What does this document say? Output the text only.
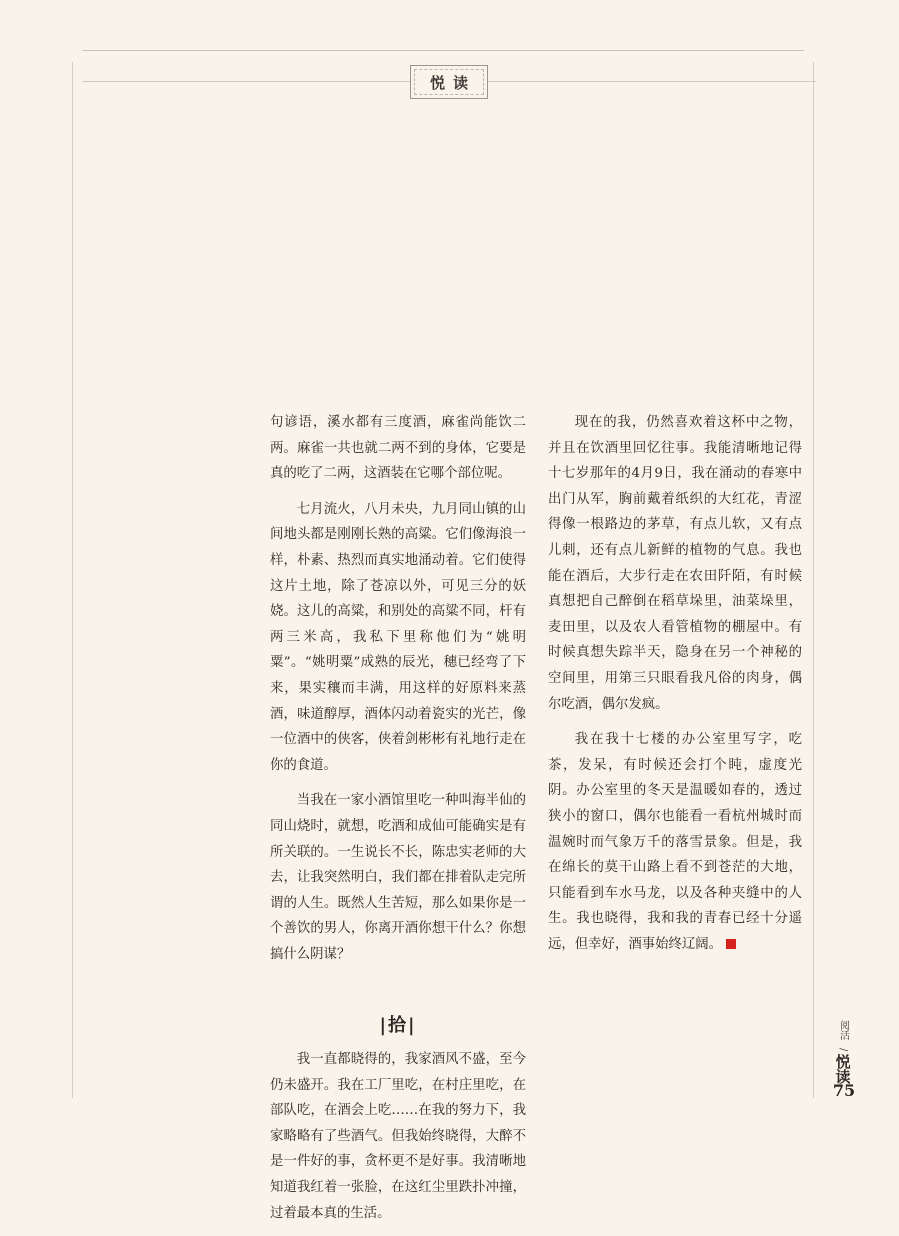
悦读

句谚语，溪水都有三度酒，麻雀尚能饮二两。麻雀一共也就二两不到的身体，它要是真的吃了二两，这酒装在它哪个部位呢。

七月流火，八月未央，九月同山镇的山间地头都是刚刚长熟的高粱。它们像海浪一样，朴素、热烈而真实地涌动着。它们使得这片土地，除了苍凉以外，可见三分的妖娆。这儿的高粱，和别处的高粱不同，杆有两三米高，我私下里称他们为“姚明粟”。“姚明粟”成熟的辰光，穗已经弯了下来，果实穰而丰满，用这样的好原料来蒸酒，味道醇厚，酒体闪动着瓷实的光芒，像一位酒中的侠客，侠着剑彬彬有礼地行走在你的食道。

当我在一家小酒馆里吃一种叫海半仙的同山烧时，就想，吃酒和成仙可能确实是有所关联的。一生说长不长，陈忠实老师的大去，让我突然明白，我们都在排着队走完所谓的人生。既然人生苦短，那么如果你是一个善饮的男人，你离开酒你想干什么？你想搞什么阴谋？

|拾|

我一直都晓得的，我家酒风不盛，至今仍未盛开。我在工厂里吃，在村庄里吃，在部队吃，在酒会上吃……在我的努力下，我家略略有了些酒气。但我始终晓得，大醉不是一件好的事，贪杯更不是好事。我清晰地知道我红着一张脸，在这红尘里跌扑冲撞，过着最本真的生活。

现在的我，仍然喜欢着这杯中之物，并且在饮酒里回忆往事。我能清晰地记得十七岁那年的4月9日，我在涌动的春寒中出门从军，胸前戴着纸织的大红花，青涩得像一根路边的茅草，有点儿软，又有点儿刺，还有点儿新鲜的植物的气息。我也能在酒后，大步行走在农田阡陌，有时候真想把自己醉倒在稻草垛里，油菜垛里，麦田里，以及农人看管植物的棚屋中。有时候真想失踪半天，隐身在另一个神秘的空间里，用第三只眼看我凡俗的肉身，偶尔吃酒，偶尔发疯。

我在我十七楼的办公室里写字，吃茶，发呆，有时候还会打个盹，虚度光阴。办公室里的冬天是温暖如春的，透过狭小的窗口，偶尔也能看一看杭州城时而温婉时而气象万千的落雪景象。但是，我在绵长的莫干山路上看不到苍茫的大地，只能看到车水马龙，以及各种夹缝中的人生。我也晓得，我和我的青春已经十分遥远，但幸好，酒事始终辽阔。

阅活/悦读
75
